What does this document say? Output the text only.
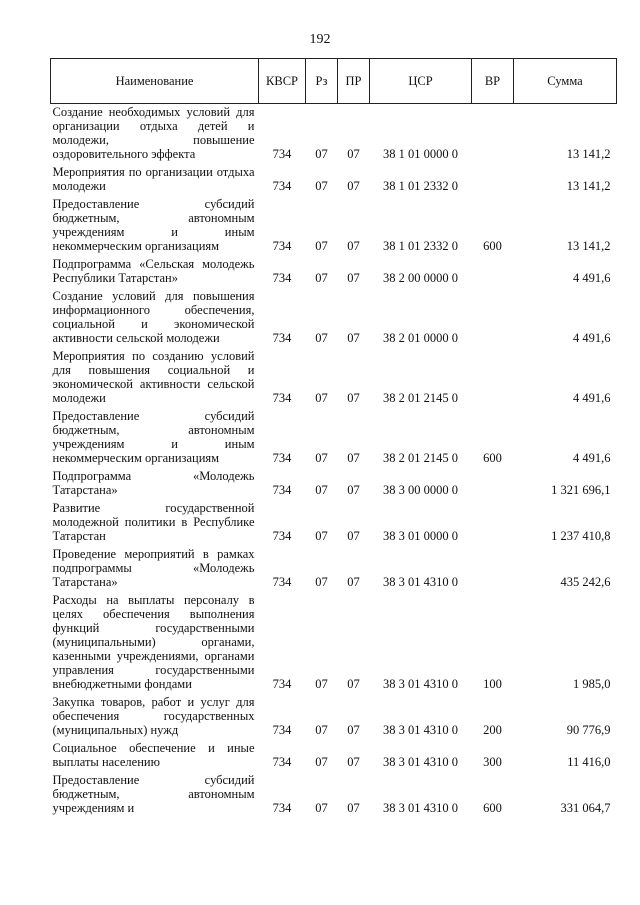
192
Наименование	КВСР	Рз	ПР	ЦСР	ВР	Сумма
Создание необходимых условий для организации отдыха детей и молодежи, повышение оздоровительного эффекта	734	07	07	38 1 01 0000 0		13 141,2
Мероприятия по организации отдыха молодежи	734	07	07	38 1 01 2332 0		13 141,2
Предоставление субсидий бюджетным, автономным учреждениям и иным некоммерческим организациям	734	07	07	38 1 01 2332 0	600	13 141,2
Подпрограмма «Сельская молодежь Республики Татарстан»	734	07	07	38 2 00 0000 0		4 491,6
Создание условий для повышения информационного обеспечения, социальной и экономической активности сельской молодежи	734	07	07	38 2 01 0000 0		4 491,6
Мероприятия по созданию условий для повышения социальной и экономической активности сельской молодежи	734	07	07	38 2 01 2145 0		4 491,6
Предоставление субсидий бюджетным, автономным учреждениям и иным некоммерческим организациям	734	07	07	38 2 01 2145 0	600	4 491,6
Подпрограмма «Молодежь Татарстана»	734	07	07	38 3 00 0000 0		1 321 696,1
Развитие государственной молодежной политики в Республике Татарстан	734	07	07	38 3 01 0000 0		1 237 410,8
Проведение мероприятий в рамках подпрограммы «Молодежь Татарстана»	734	07	07	38 3 01 4310 0		435 242,6
Расходы на выплаты персоналу в целях обеспечения выполнения функций государственными (муниципальными) органами, казенными учреждениями, органами управления государственными внебюджетными фондами	734	07	07	38 3 01 4310 0	100	1 985,0
Закупка товаров, работ и услуг для обеспечения государственных (муниципальных) нужд	734	07	07	38 3 01 4310 0	200	90 776,9
Социальное обеспечение и иные выплаты населению	734	07	07	38 3 01 4310 0	300	11 416,0
Предоставление субсидий бюджетным, автономным учреждениям и	734	07	07	38 3 01 4310 0	600	331 064,7
